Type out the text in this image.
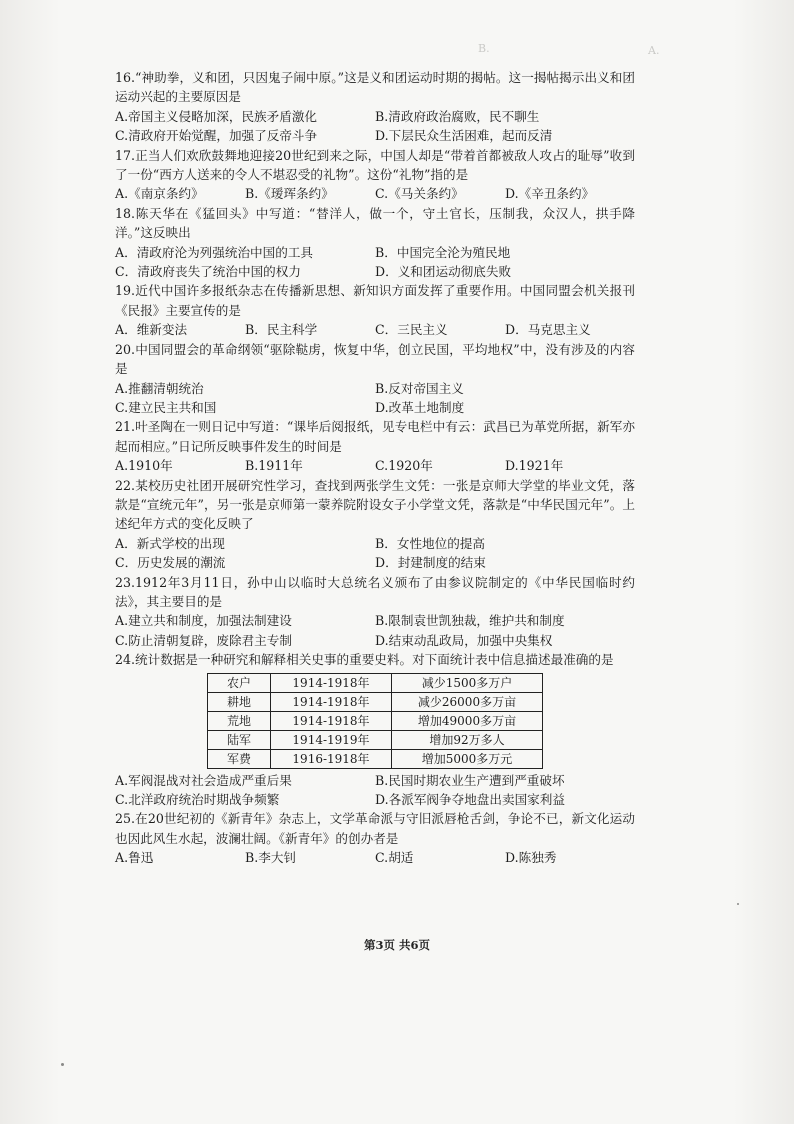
B.	A.
16.“神助拳，义和团，只因鬼子闹中原。”这是义和团运动时期的揭帖。这一揭帖揭示出义和团运动兴起的主要原因是
A.帝国主义侵略加深，民族矛盾激化	B.清政府政治腐败，民不聊生
C.清政府开始觉醒，加强了反帝斗争	D.下层民众生活困难，起而反清
17.正当人们欢欣鼓舞地迎接20世纪到来之际，中国人却是“带着首都被敌人攻占的耻辱”收到了一份“西方人送来的令人不堪忍受的礼物”。这份“礼物”指的是
A.《南京条约》	B.《瑷珲条约》	C.《马关条约》	D.《辛丑条约》
18.陈天华在《猛回头》中写道：“替洋人，做一个，守土官长，压制我，众汉人，拱手降洋。”这反映出
A．清政府沦为列强统治中国的工具	B．中国完全沦为殖民地
C．清政府丧失了统治中国的权力	D．义和团运动彻底失败
19.近代中国许多报纸杂志在传播新思想、新知识方面发挥了重要作用。中国同盟会机关报刊《民报》主要宣传的是
A．维新变法	B．民主科学	C．三民主义	D．马克思主义
20.中国同盟会的革命纲领“驱除鞑虏，恢复中华，创立民国，平均地权”中，没有涉及的内容是
A.推翻清朝统治	B.反对帝国主义
C.建立民主共和国	D.改革土地制度
21.叶圣陶在一则日记中写道：“课毕后阅报纸，见专电栏中有云：武昌已为革党所据，新军亦起而相应。”日记所反映事件发生的时间是
A.1910年	B.1911年	C.1920年	D.1921年
22.某校历史社团开展研究性学习，查找到两张学生文凭：一张是京师大学堂的毕业文凭，落款是“宣统元年”，另一张是京师第一蒙养院附设女子小学堂文凭，落款是“中华民国元年”。上述纪年方式的变化反映了
A．新式学校的出现	B．女性地位的提高
C．历史发展的潮流	D．封建制度的结束
23.1912年3月11日，孙中山以临时大总统名义颁布了由参议院制定的《中华民国临时约法》，其主要目的是
A.建立共和制度，加强法制建设	B.限制袁世凯独裁，维护共和制度
C.防止清朝复辟，废除君主专制	D.结束动乱政局，加强中央集权
24.统计数据是一种研究和解释相关史事的重要史料。对下面统计表中信息描述最准确的是
农户	1914-1918年	减少1500多万户
耕地	1914-1918年	减少26000多万亩
荒地	1914-1918年	增加49000多万亩
陆军	1914-1919年	增加92万多人
军费	1916-1918年	增加5000多万元
A.军阀混战对社会造成严重后果	B.民国时期农业生产遭到严重破坏
C.北洋政府统治时期战争频繁	D.各派军阀争夺地盘出卖国家利益
25.在20世纪初的《新青年》杂志上，文学革命派与守旧派唇枪舌剑，争论不已，新文化运动也因此风生水起，波澜壮阔。《新青年》的创办者是
A.鲁迅	B.李大钊	C.胡适	D.陈独秀
第3页 共6页
